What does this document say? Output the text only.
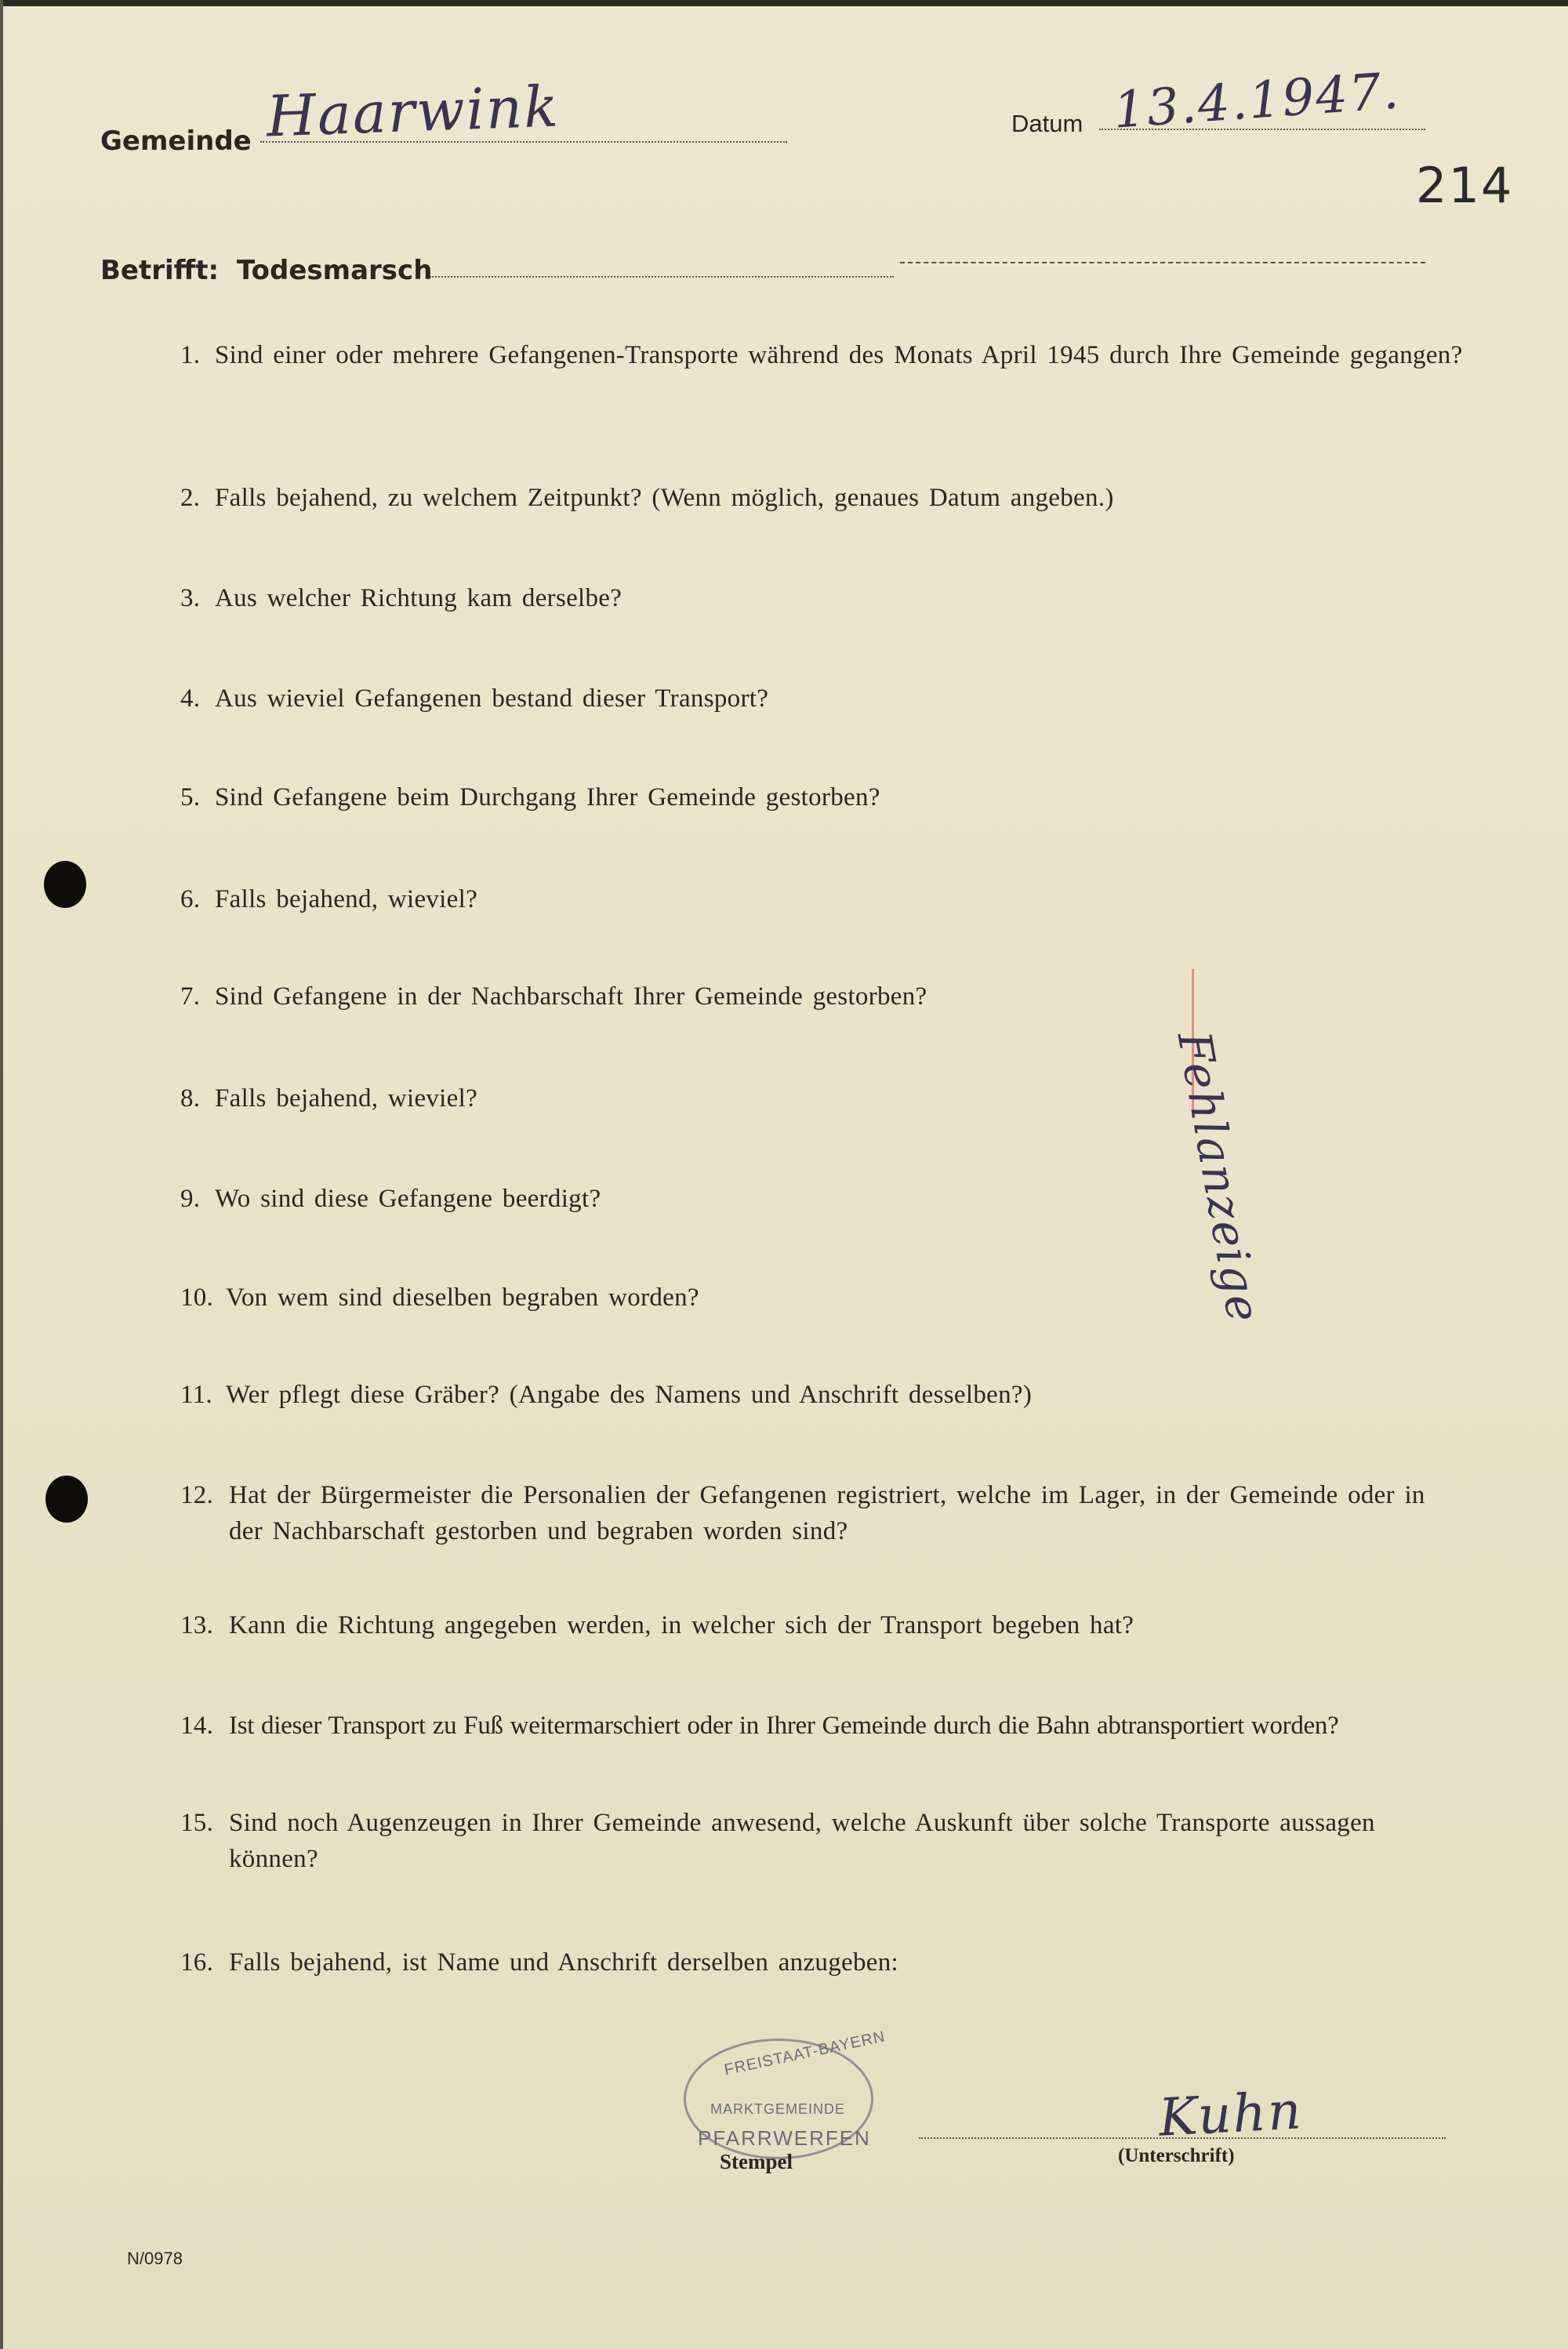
Gemeinde Haarwink	Datum 13.4.1947.
214
Betrifft: Todesmarsch
1. Sind einer oder mehrere Gefangenen-Transporte während des Monats April 1945 durch Ihre Gemeinde gegangen?
2. Falls bejahend, zu welchem Zeitpunkt? (Wenn möglich, genaues Datum angeben.)
3. Aus welcher Richtung kam derselbe?
4. Aus wieviel Gefangenen bestand dieser Transport?
5. Sind Gefangene beim Durchgang Ihrer Gemeinde gestorben?
6. Falls bejahend, wieviel?
7. Sind Gefangene in der Nachbarschaft Ihrer Gemeinde gestorben?
8. Falls bejahend, wieviel?
9. Wo sind diese Gefangene beerdigt?
10. Von wem sind dieselben begraben worden?
11. Wer pflegt diese Gräber? (Angabe des Namens und Anschrift desselben?)
12. Hat der Bürgermeister die Personalien der Gefangenen registriert, welche im Lager, in der Gemeinde oder in der Nachbarschaft gestorben und begraben worden sind?
13. Kann die Richtung angegeben werden, in welcher sich der Transport begeben hat?
14. Ist dieser Transport zu Fuß weitermarschiert oder in Ihrer Gemeinde durch die Bahn abtransportiert worden?
15. Sind noch Augenzeugen in Ihrer Gemeinde anwesend, welche Auskunft über solche Transporte aussagen können?
16. Falls bejahend, ist Name und Anschrift derselben anzugeben:
Fehlanzeige
FREISTAAT-BAYERN
MARKTGEMEINDE
PFARRWERFEN
Stempel
Kuhn
(Unterschrift)
N/0978
